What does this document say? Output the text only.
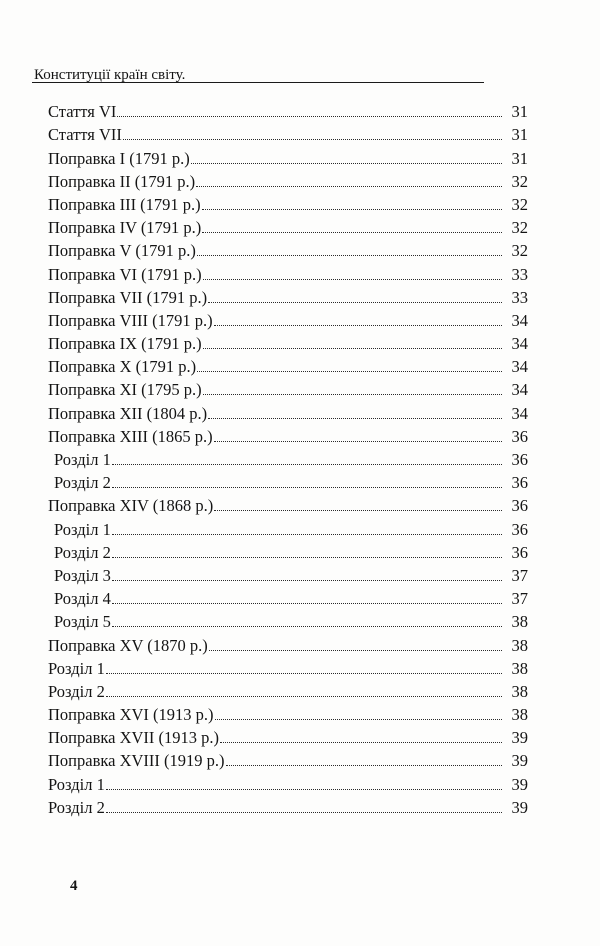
Конституції країн світу.
Стаття VI	31
Стаття VII	31
Поправка I (1791 р.)	31
Поправка II (1791 р.)	32
Поправка III (1791 р.)	32
Поправка IV (1791 р.)	32
Поправка V (1791 р.)	32
Поправка VI (1791 р.)	33
Поправка VII (1791 р.)	33
Поправка VIII (1791 р.)	34
Поправка IX (1791 р.)	34
Поправка X (1791 р.)	34
Поправка XI (1795 р.)	34
Поправка XII (1804 р.)	34
Поправка XIII (1865 р.)	36
Розділ 1	36
Розділ 2	36
Поправка XIV (1868 р.)	36
Розділ 1	36
Розділ 2	36
Розділ 3	37
Розділ 4	37
Розділ 5	38
Поправка XV (1870 р.)	38
Розділ 1	38
Розділ 2	38
Поправка XVI (1913 р.)	38
Поправка XVII (1913 р.)	39
Поправка XVIII (1919 р.)	39
Розділ 1	39
Розділ 2	39
4
